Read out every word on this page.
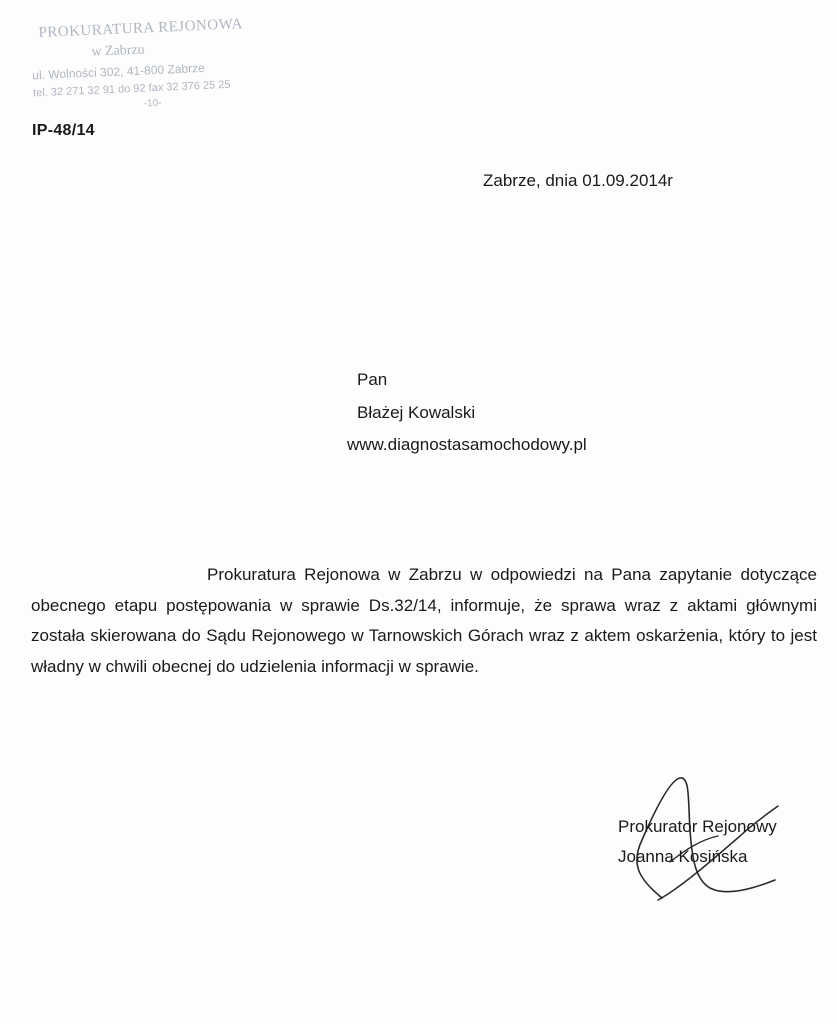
PROKURATURA REJONOWA
w Zabrzu
ul. Wolności 302, 41-800 Zabrze
tel. 32 271 32 91 do 92 fax 32 376 25 25
-10-
IP-48/14
Zabrze, dnia 01.09.2014r
Pan
Błażej Kowalski
www.diagnostasamochodowy.pl
Prokuratura Rejonowa w Zabrzu w odpowiedzi na Pana zapytanie dotyczące obecnego etapu postępowania w sprawie Ds.32/14, informuje, że sprawa wraz z aktami głównymi została skierowana do Sądu Rejonowego w Tarnowskich Górach wraz z aktem oskarżenia, który to jest władny w chwili obecnej do udzielenia informacji w sprawie.
Prokurator Rejonowy
Joanna Kosińska
